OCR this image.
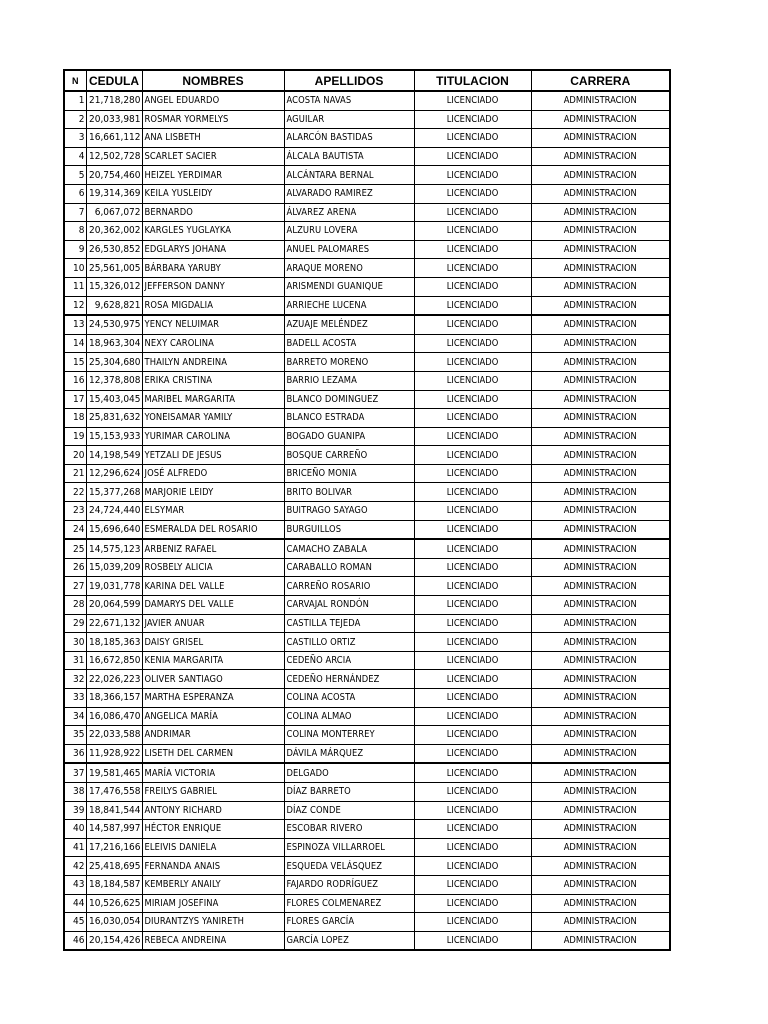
N	CEDULA	NOMBRES	APELLIDOS	TITULACION	CARRERA
1	21,718,280	ANGEL EDUARDO	ACOSTA NAVAS	LICENCIADO	ADMINISTRACION
2	20,033,981	ROSMAR YORMELYS	AGUILAR	LICENCIADO	ADMINISTRACION
3	16,661,112	ANA LISBETH	ALARCÓN BASTIDAS	LICENCIADO	ADMINISTRACION
4	12,502,728	SCARLET SACIER	ÁLCALA BAUTISTA	LICENCIADO	ADMINISTRACION
5	20,754,460	HEIZEL YERDIMAR	ALCÁNTARA BERNAL	LICENCIADO	ADMINISTRACION
6	19,314,369	KEILA YUSLEIDY	ALVARADO RAMIREZ	LICENCIADO	ADMINISTRACION
7	6,067,072	BERNARDO	ÁLVAREZ ARENA	LICENCIADO	ADMINISTRACION
8	20,362,002	KARGLES YUGLAYKA	ALZURU LOVERA	LICENCIADO	ADMINISTRACION
9	26,530,852	EDGLARYS JOHANA	ANUEL PALOMARES	LICENCIADO	ADMINISTRACION
10	25,561,005	BÁRBARA YARUBY	ARAQUE MORENO	LICENCIADO	ADMINISTRACION
11	15,326,012	JEFFERSON DANNY	ARISMENDI GUANIQUE	LICENCIADO	ADMINISTRACION
12	9,628,821	ROSA MIGDALIA	ARRIECHE LUCENA	LICENCIADO	ADMINISTRACION
13	24,530,975	YENCY NELUIMAR	AZUAJE MELÉNDEZ	LICENCIADO	ADMINISTRACION
14	18,963,304	NEXY CAROLINA	BADELL ACOSTA	LICENCIADO	ADMINISTRACION
15	25,304,680	THAILYN ANDREINA	BARRETO MORENO	LICENCIADO	ADMINISTRACION
16	12,378,808	ERIKA CRISTINA	BARRIO LEZAMA	LICENCIADO	ADMINISTRACION
17	15,403,045	MARIBEL MARGARITA	BLANCO DOMINGUEZ	LICENCIADO	ADMINISTRACION
18	25,831,632	YONEISAMAR YAMILY	BLANCO ESTRADA	LICENCIADO	ADMINISTRACION
19	15,153,933	YURIMAR CAROLINA	BOGADO GUANIPA	LICENCIADO	ADMINISTRACION
20	14,198,549	YETZALI DE JESUS	BOSQUE CARREÑO	LICENCIADO	ADMINISTRACION
21	12,296,624	JOSÉ ALFREDO	BRICEÑO MONIA	LICENCIADO	ADMINISTRACION
22	15,377,268	MARJORIE LEIDY	BRITO BOLIVAR	LICENCIADO	ADMINISTRACION
23	24,724,440	ELSYMAR	BUITRAGO SAYAGO	LICENCIADO	ADMINISTRACION
24	15,696,640	ESMERALDA DEL ROSARIO	BURGUILLOS	LICENCIADO	ADMINISTRACION
25	14,575,123	ARBENIZ RAFAEL	CAMACHO ZABALA	LICENCIADO	ADMINISTRACION
26	15,039,209	ROSBELY ALICIA	CARABALLO ROMAN	LICENCIADO	ADMINISTRACION
27	19,031,778	KARINA DEL VALLE	CARREÑO ROSARIO	LICENCIADO	ADMINISTRACION
28	20,064,599	DAMARYS DEL VALLE	CARVAJAL RONDÓN	LICENCIADO	ADMINISTRACION
29	22,671,132	JAVIER ANUAR	CASTILLA TEJEDA	LICENCIADO	ADMINISTRACION
30	18,185,363	DAISY GRISEL	CASTILLO ORTIZ	LICENCIADO	ADMINISTRACION
31	16,672,850	KENIA MARGARITA	CEDEÑO ARCIA	LICENCIADO	ADMINISTRACION
32	22,026,223	OLIVER SANTIAGO	CEDEÑO HERNÁNDEZ	LICENCIADO	ADMINISTRACION
33	18,366,157	MARTHA ESPERANZA	COLINA ACOSTA	LICENCIADO	ADMINISTRACION
34	16,086,470	ANGELICA MARÍA	COLINA ALMAO	LICENCIADO	ADMINISTRACION
35	22,033,588	ANDRIMAR	COLINA MONTERREY	LICENCIADO	ADMINISTRACION
36	11,928,922	LISETH DEL CARMEN	DÁVILA MÁRQUEZ	LICENCIADO	ADMINISTRACION
37	19,581,465	MARÍA VICTORIA	DELGADO	LICENCIADO	ADMINISTRACION
38	17,476,558	FREILYS GABRIEL	DÍAZ BARRETO	LICENCIADO	ADMINISTRACION
39	18,841,544	ANTONY RICHARD	DÍAZ CONDE	LICENCIADO	ADMINISTRACION
40	14,587,997	HÉCTOR ENRIQUE	ESCOBAR RIVERO	LICENCIADO	ADMINISTRACION
41	17,216,166	ELEIVIS DANIELA	ESPINOZA VILLARROEL	LICENCIADO	ADMINISTRACION
42	25,418,695	FERNANDA ANAIS	ESQUEDA VELÁSQUEZ	LICENCIADO	ADMINISTRACION
43	18,184,587	KEMBERLY ANAILY	FAJARDO RODRÍGUEZ	LICENCIADO	ADMINISTRACION
44	10,526,625	MIRIAM JOSEFINA	FLORES COLMENAREZ	LICENCIADO	ADMINISTRACION
45	16,030,054	DIURANTZYS YANIRETH	FLORES GARCÍA	LICENCIADO	ADMINISTRACION
46	20,154,426	REBECA ANDREINA	GARCÍA LOPEZ	LICENCIADO	ADMINISTRACION
